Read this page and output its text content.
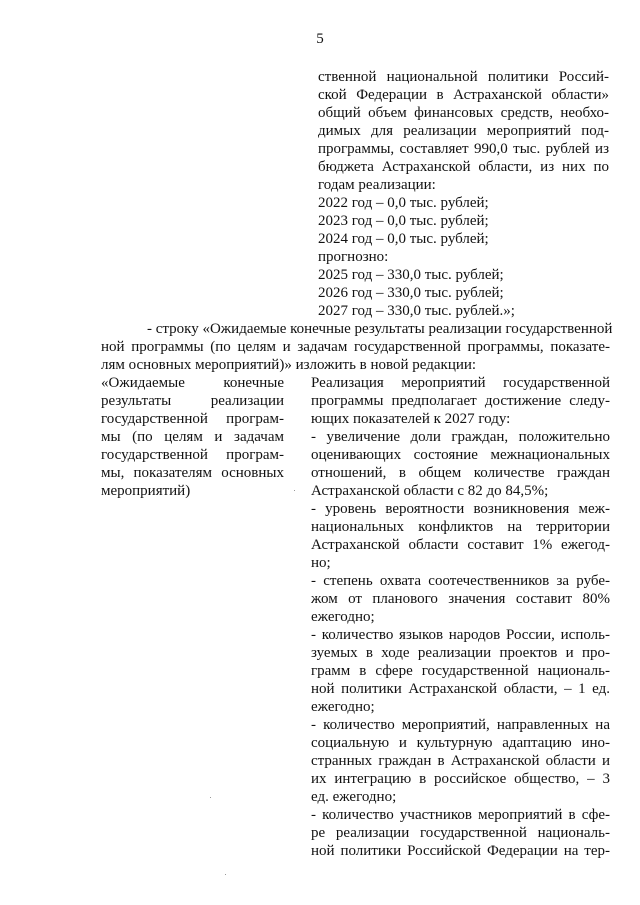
5
ственной национальной политики Россий-
ской Федерации в Астраханской области»
общий объем финансовых средств, необхо-
димых для реализации мероприятий под-
программы, составляет 990,0 тыс. рублей из
бюджета Астраханской области, из них по
годам реализации:
2022 год – 0,0 тыс. рублей;
2023 год – 0,0 тыс. рублей;
2024 год – 0,0 тыс. рублей;
прогнозно:
2025 год – 330,0 тыс. рублей;
2026 год – 330,0 тыс. рублей;
2027 год – 330,0 тыс. рублей.»;
- строку «Ожидаемые конечные результаты реализации государственной
ной программы (по целям и задачам государственной программы, показате-
лям основных мероприятий)» изложить в новой редакции:
«Ожидаемые конечные
результаты реализации
государственной програм-
мы (по целям и задачам
государственной програм-
мы, показателям основных
мероприятий)
Реализация мероприятий государственной
программы предполагает достижение следу-
ющих показателей к 2027 году:
- увеличение доли граждан, положительно
оценивающих состояние межнациональных
отношений, в общем количестве граждан
Астраханской области с 82 до 84,5%;
- уровень вероятности возникновения меж-
национальных конфликтов на территории
Астраханской области составит 1% ежегод-
но;
- степень охвата соотечественников за рубе-
жом от планового значения составит 80%
ежегодно;
- количество языков народов России, исполь-
зуемых в ходе реализации проектов и про-
грамм в сфере государственной националь-
ной политики Астраханской области, – 1 ед.
ежегодно;
- количество мероприятий, направленных на
социальную и культурную адаптацию ино-
странных граждан в Астраханской области и
их интеграцию в российское общество, – 3
ед. ежегодно;
- количество участников мероприятий в сфе-
ре реализации государственной националь-
ной политики Российской Федерации на тер-
